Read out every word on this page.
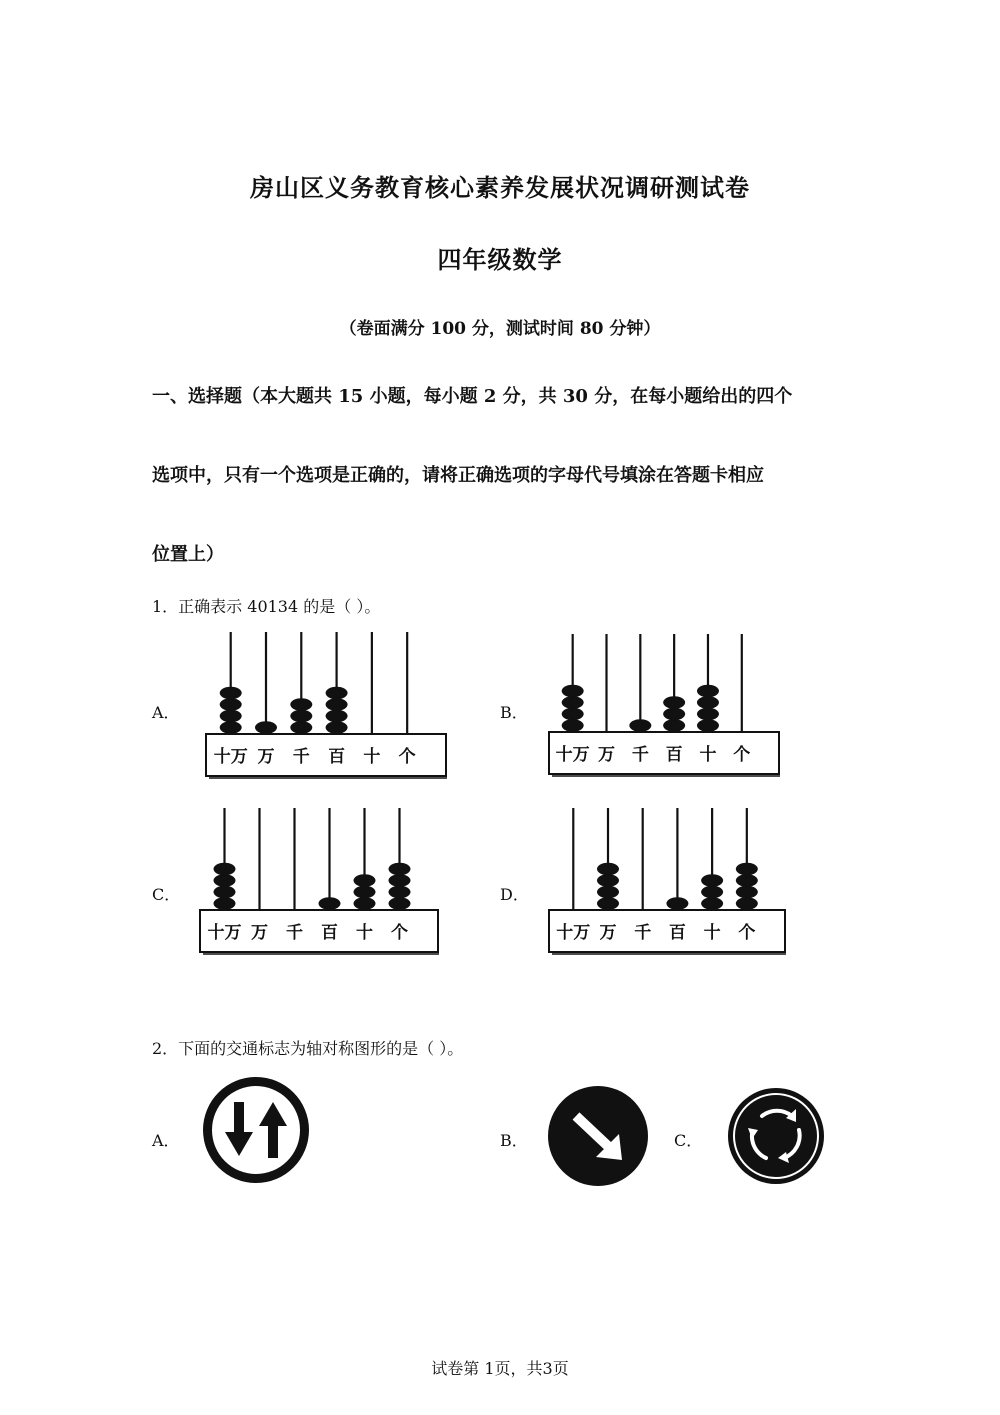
房山区义务教育核心素养发展状况调研测试卷
四年级数学
（卷面满分 100 分，测试时间 80 分钟）
一、选择题（本大题共 15 小题，每小题 2 分，共 30 分，在每小题给出的四个
选项中，只有一个选项是正确的，请将正确选项的字母代号填涂在答题卡相应
位置上）
1．正确表示 40134 的是（ ）。
A．	B．
C．	D．
十万 万 千 百 十 个	十万 万 千 百 十 个
十万 万 千 百 十 个	十万 万 千 百 十 个
2．下面的交通标志为轴对称图形的是（ ）。
A．	B．	C．
试卷第 1页，共3页
